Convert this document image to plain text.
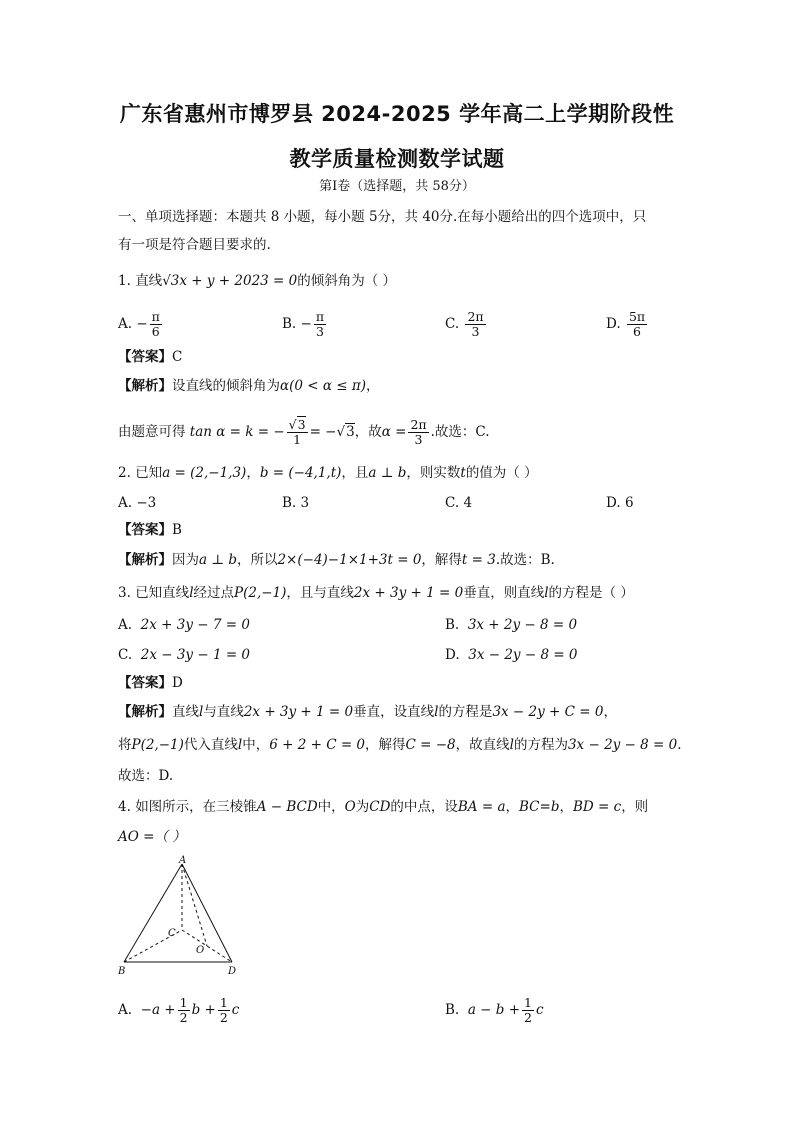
广东省惠州市博罗县 2024-2025 学年高二上学期阶段性
教学质量检测数学试题
第Ⅰ卷（选择题，共 58分）
一、单项选择题：本题共 8 小题，每小题 5分，共 40分.在每小题给出的四个选项中，只
有一项是符合题目要求的.
1. 直线√3x + y + 2023 = 0的倾斜角为（ ）
A. − $\frac{\pi}{6}$	B. − $\frac{\pi}{3}$	C. $\frac{2\pi}{3}$	D. $\frac{5\pi}{6}$
【答案】C
【解析】设直线的倾斜角为α(0 < α ≤ π)，
由题意可得 tan α = k = − $\frac{√3}{1} = -√3$，故$\alpha = \frac{2\pi}{3}$ .故选：C.
2. 已知a = (2,−1,3)，b = (−4,1,t)，且a ⊥ b，则实数t的值为（ ）
A. −3	B. 3	C. 4	D. 6
【答案】B
【解析】因为a ⊥ b，所以2×(−4)−1×1+3t = 0，解得t = 3.故选：B.
3. 已知直线l经过点P(2,−1)，且与直线2x + 3y + 1 = 0垂直，则直线l的方程是（ ）
A. 2x + 3y − 7 = 0	B. 3x + 2y − 8 = 0
C. 2x − 3y − 1 = 0	D. 3x − 2y − 8 = 0
【答案】D
【解析】直线l与直线2x + 3y + 1 = 0垂直，设直线l的方程是3x − 2y + C = 0，
将P(2,−1)代入直线l中，6 + 2 + C = 0，解得C = −8，故直线l的方程为3x − 2y − 8 = 0.
故选：D.
4. 如图所示，在三棱锥A − BCD中，O为CD的中点，设BA = a，BC=b，BD = c，则
AO =（ ）
A
B
C
D
O
A. $-a + \frac{1}{2}$ $b + \frac{1}{2}$ c	B. $a - b + \frac{1}{2}$ c
